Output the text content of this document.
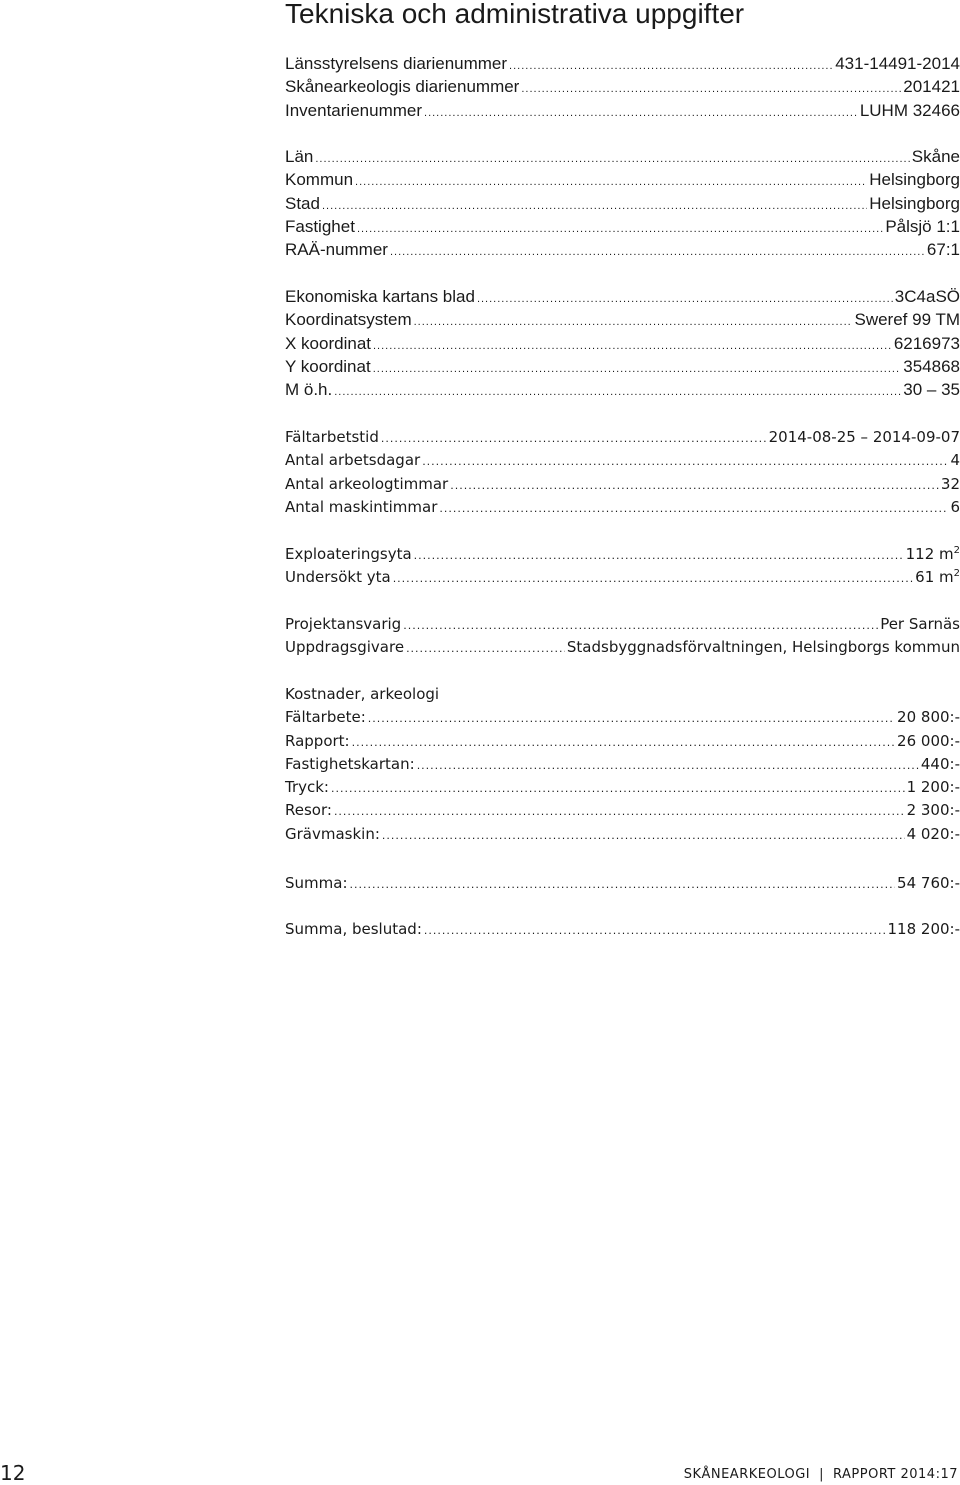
Tekniska och administrativa uppgifter
Länsstyrelsens diarienummer .....	431-14491-2014
Skånearkeologis diarienummer .....	201421
Inventarienummer .....	LUHM 32466
Län .....	Skåne
Kommun .....	Helsingborg
Stad .....	Helsingborg
Fastighet .....	Pålsjö 1:1
RAÄ-nummer .....	67:1
Ekonomiska kartans blad .....	3C4aSÖ
Koordinatsystem .....	Sweref 99 TM
X koordinat .....	6216973
Y koordinat .....	354868
M ö.h. .....	30 – 35
Fältarbetstid .....	2014-08-25 – 2014-09-07
Antal arbetsdagar .....	4
Antal arkeologtimmar .....	32
Antal maskintimmar .....	6
Exploateringsyta .....	112 $m^2$
Undersökt yta .....	61 $m^2$
Projektansvarig .....	Per Sarnäs
Uppdragsgivare .....	Stadsbyggnadsförvaltningen, Helsingborgs kommun
Kostnader, arkeologi
Fältarbete: .....	20 800:-
Rapport: .....	26 000:-
Fastighetskartan: .....	440:-
Tryck: .....	1 200:-
Resor: .....	2 300:-
Grävmaskin: .....	4 020:-
Summa: .....	54 760:-
Summa, beslutad: .....	118 200:-
12	SKÅNEARKEOLOGI | RAPPORT 2014:17
